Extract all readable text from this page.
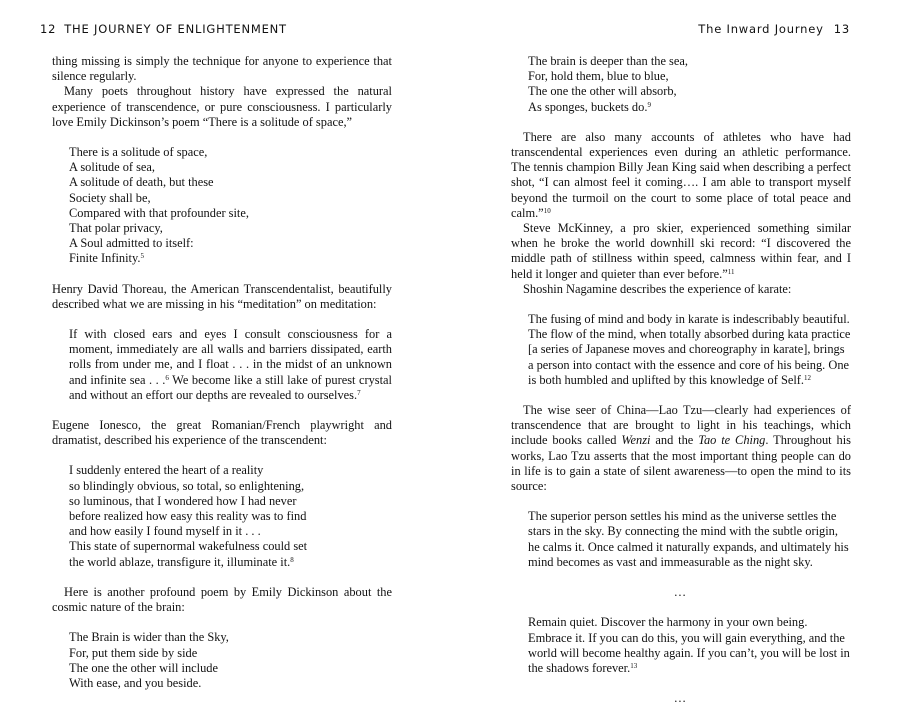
12 THE JOURNEY OF ENLIGHTENMENT

thing missing is simply the technique for anyone to experience that silence regularly.

Many poets throughout history have expressed the natural experience of transcendence, or pure consciousness. I particularly love Emily Dickinson’s poem “There is a solitude of space,”

There is a solitude of space,
A solitude of sea,
A solitude of death, but these
Society shall be,
Compared with that profounder site,
That polar privacy,
A Soul admitted to itself:
Finite Infinity.$^5$

Henry David Thoreau, the American Transcendentalist, beautifully described what we are missing in his “meditation” on meditation:

If with closed ears and eyes I consult consciousness for a moment, immediately are all walls and barriers dissipated, earth rolls from under me, and I float . . . in the midst of an unknown and infinite sea . . .$^6$ We become like a still lake of purest crystal and without an effort our depths are revealed to ourselves.$^7$

Eugene Ionesco, the great Romanian/French playwright and dramatist, described his experience of the transcendent:

I suddenly entered the heart of a reality
so blindingly obvious, so total, so enlightening,
so luminous, that I wondered how I had never
before realized how easy this reality was to find
and how easily I found myself in it . . .
This state of supernormal wakefulness could set
the world ablaze, transfigure it, illuminate it.$^8$

Here is another profound poem by Emily Dickinson about the cosmic nature of the brain:

The Brain is wider than the Sky,
For, put them side by side
The one the other will include
With ease, and you beside.
The Inward Journey 13
The brain is deeper than the sea,
For, hold them, blue to blue,
The one the other will absorb,
As sponges, buckets do.$^9$

There are also many accounts of athletes who have had transcendental experiences even during an athletic performance. The tennis champion Billy Jean King said when describing a perfect shot, “I can almost feel it coming…. I am able to transport myself beyond the turmoil on the court to some place of total peace and calm.”$^{10}$

Steve McKinney, a pro skier, experienced something similar when he broke the world downhill ski record: “I discovered the middle path of stillness within speed, calmness within fear, and I held it longer and quieter than ever before.”$^{11}$

Shoshin Nagamine describes the experience of karate:

The fusing of mind and body in karate is indescribably beautiful. The flow of the mind, when totally absorbed during kata practice [a series of Japanese moves and choreography in karate], brings a person into contact with the essence and core of his being. One is both humbled and uplifted by this knowledge of Self.$^{12}$

The wise seer of China—Lao Tzu—clearly had experiences of transcendence that are brought to light in his teachings, which include books called Wenzi and the Tao te Ching. Throughout his works, Lao Tzu asserts that the most important thing people can do in life is to gain a state of silent awareness—to open the mind to its source:

The superior person settles his mind as the universe settles the stars in the sky. By connecting the mind with the subtle origin, he calms it. Once calmed it naturally expands, and ultimately his mind becomes as vast and immeasurable as the night sky.
…
Remain quiet. Discover the harmony in your own being. Embrace it. If you can do this, you will gain everything, and the world will become healthy again. If you can’t, you will be lost in the shadows forever.$^{13}$
…
